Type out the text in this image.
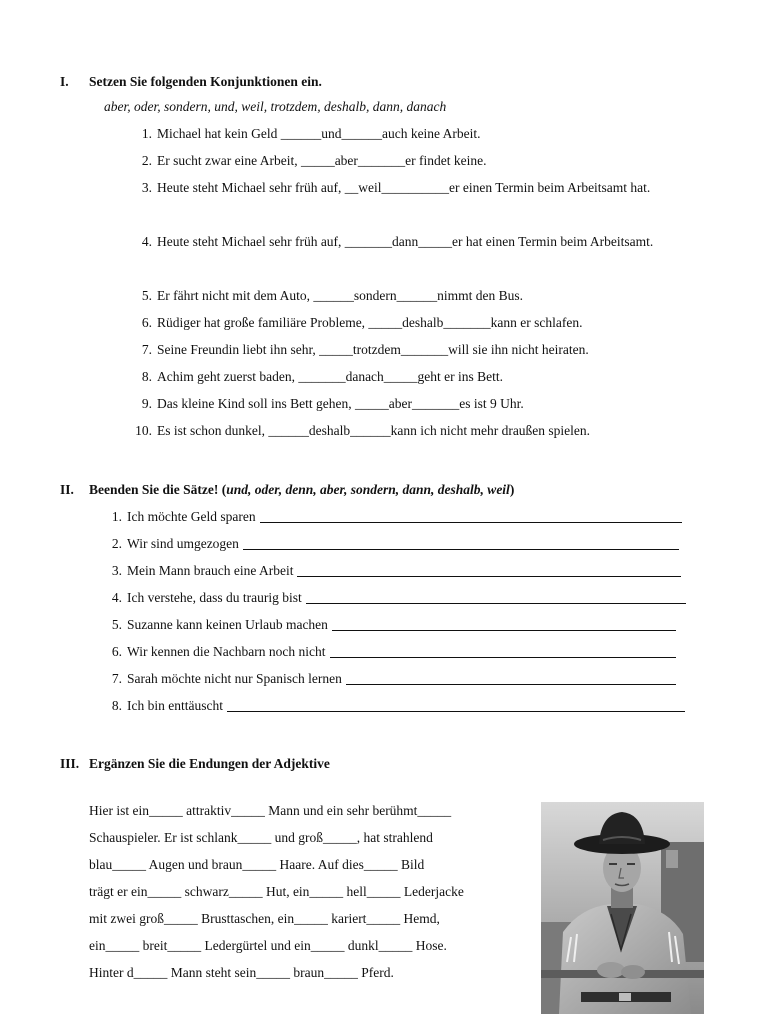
I. Setzen Sie folgenden Konjunktionen ein.
aber, oder, sondern, und, weil, trotzdem, deshalb, dann, danach
1. Michael hat kein Geld ______und______auch keine Arbeit.
2. Er sucht zwar eine Arbeit, _____aber_______er findet keine.
3. Heute steht Michael sehr früh auf, __weil__________er einen Termin beim Arbeitsamt hat.
4. Heute steht Michael sehr früh auf, _______dann_____er hat einen Termin beim Arbeitsamt.
5. Er fährt nicht mit dem Auto, ______sondern______nimmt den Bus.
6. Rüdiger hat große familiäre Probleme, _____deshalb_______kann er schlafen.
7. Seine Freundin liebt ihn sehr, _____trotzdem_______will sie ihn nicht heiraten.
8. Achim geht zuerst baden, _______danach_____geht er ins Bett.
9. Das kleine Kind soll ins Bett gehen, _____aber_______es ist 9 Uhr.
10. Es ist schon dunkel, ______deshalb______kann ich nicht mehr draußen spielen.
II. Beenden Sie die Sätze! (und, oder, denn, aber, sondern, dann, deshalb, weil)
1. Ich möchte Geld sparen
2. Wir sind umgezogen
3. Mein Mann brauch eine Arbeit
4. Ich verstehe, dass du traurig bist
5. Suzanne kann keinen Urlaub machen
6. Wir kennen die Nachbarn noch nicht
7. Sarah möchte nicht nur Spanisch lernen
8. Ich bin enttäuscht
III. Ergänzen Sie die Endungen der Adjektive

Hier ist ein_____ attraktiv_____ Mann und ein sehr berühmt_____

Schauspieler. Er ist schlank_____ und groß_____, hat strahlend

blau_____ Augen und braun_____ Haare. Auf dies_____ Bild

trägt er ein_____ schwarz_____ Hut, ein_____ hell_____ Lederjacke

mit zwei groß_____ Brusttaschen, ein_____ kariert_____ Hemd,

ein_____ breit_____ Ledergürtel und ein_____ dunkl_____ Hose.

Hinter d_____ Mann steht sein_____ braun_____ Pferd.
